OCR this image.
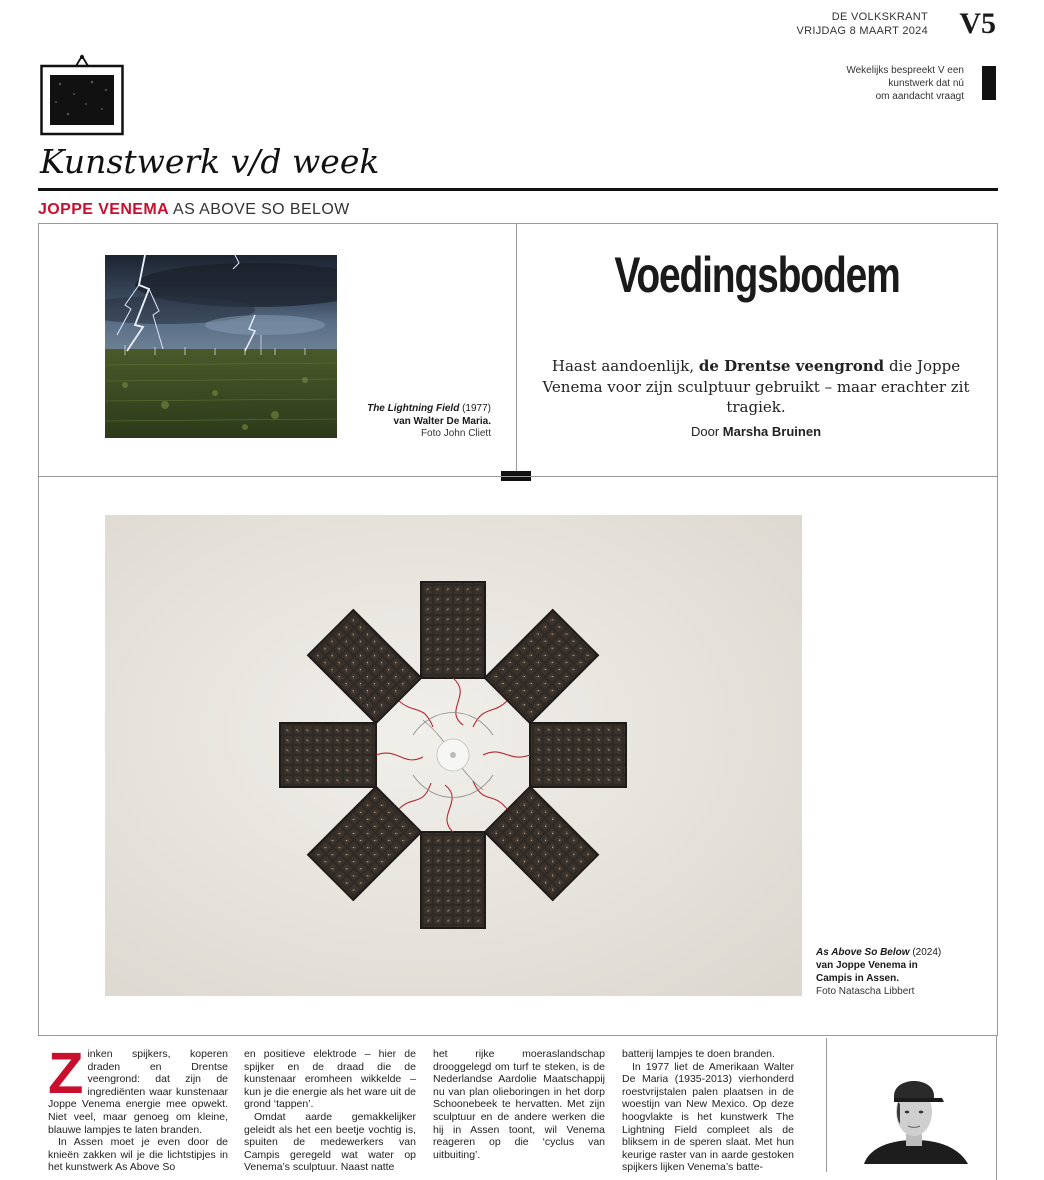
DE VOLKSKRANT
VRIJDAG 8 MAART 2024 V5
Wekelijks bespreekt V een
kunstwerk dat nú
om aandacht vraagt
Kunstwerk v/d week
JOPPE VENEMA AS ABOVE SO BELOW
The Lightning Field (1977)
van Walter De Maria.
Foto John Cliett
Voedingsbodem
Haast aandoenlijk, de Drentse veengrond die Joppe Venema voor zijn sculptuur gebruikt – maar erachter zit tragiek.
Door Marsha Bruinen
As Above So Below (2024)
van Joppe Venema in
Campis in Assen.
Foto Natascha Libbert
Z inken spijkers, koperen draden en Drentse veengrond: dat zijn de ingrediënten waar kunstenaar Joppe Venema energie mee opwekt. Niet veel, maar genoeg om kleine, blauwe lampjes te laten branden.

In Assen moet je even door de knieën zakken wil je die lichtstipjes in het kunstwerk As Above So

en positieve elektrode – hier de spijker en de draad die de kunstenaar eromheen wikkelde – kun je die energie als het ware uit de grond ‘tappen’.

Omdat aarde gemakkelijker geleidt als het een beetje vochtig is, spuiten de medewerkers van Campis geregeld wat water op Venema’s sculptuur. Naast natte

het rijke moeraslandschap drooggelegd om turf te steken, is de Nederlandse Aardolie Maatschappij nu van plan olieboringen in het dorp Schoonebeek te hervatten. Met zijn sculptuur en de andere werken die hij in Assen toont, wil Venema reageren op die ‘cyclus van uitbuiting’.

batterij lampjes te doen branden.

In 1977 liet de Amerikaan Walter De Maria (1935-2013) vierhonderd roestvrijstalen palen plaatsen in de woestijn van New Mexico. Op deze hoogvlakte is het kunstwerk The Lightning Field compleet als de bliksem in de speren slaat. Met hun keurige raster van in aarde gestoken spijkers lijken Venema’s batte-
